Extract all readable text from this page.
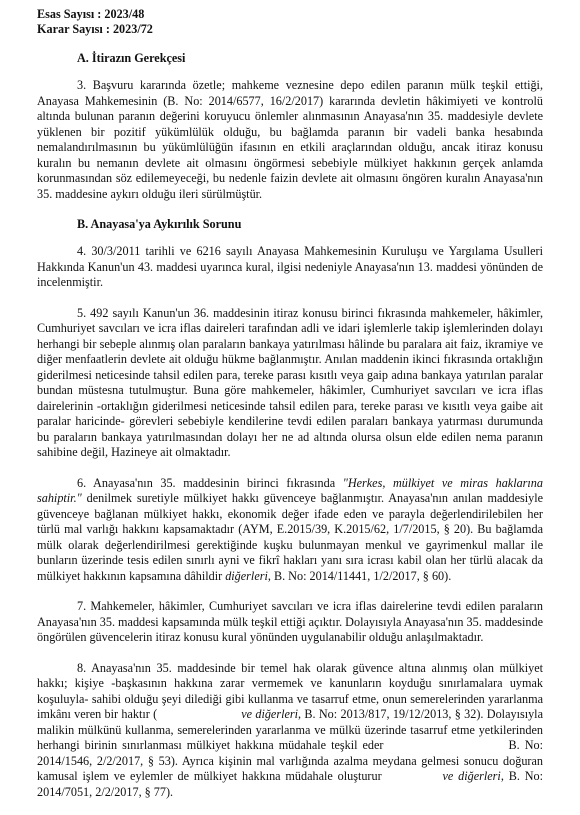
Esas Sayısı : 2023/48
Karar Sayısı : 2023/72
A. İtirazın Gerekçesi

3. Başvuru kararında özetle; mahkeme veznesine depo edilen paranın mülk teşkil ettiği, Anayasa Mahkemesinin (B. No: 2014/6577, 16/2/2017) kararında devletin hâkimiyeti ve kontrolü altında bulunan paranın değerini koruyucu önlemler alınmasının Anayasa'nın 35. maddesiyle devlete yüklenen bir pozitif yükümlülük olduğu, bu bağlamda paranın bir vadeli banka hesabında nemalandırılmasının bu yükümlülüğün ifasının en etkili araçlarından olduğu, ancak itiraz konusu kuralın bu nemanın devlete ait olmasını öngörmesi sebebiyle mülkiyet hakkının gerçek anlamda korunmasından söz edilemeyeceği, bu nedenle faizin devlete ait olmasını öngören kuralın Anayasa'nın 35. maddesine aykırı olduğu ileri sürülmüştür.

B. Anayasa'ya Aykırılık Sorunu

4. 30/3/2011 tarihli ve 6216 sayılı Anayasa Mahkemesinin Kuruluşu ve Yargılama Usulleri Hakkında Kanun'un 43. maddesi uyarınca kural, ilgisi nedeniyle Anayasa'nın 13. maddesi yönünden de incelenmiştir.

5. 492 sayılı Kanun'un 36. maddesinin itiraz konusu birinci fıkrasında mahkemeler, hâkimler, Cumhuriyet savcıları ve icra iflas daireleri tarafından adli ve idari işlemlerle takip işlemlerinden dolayı herhangi bir sebeple alınmış olan paraların bankaya yatırılması hâlinde bu paralara ait faiz, ikramiye ve diğer menfaatlerin devlete ait olduğu hükme bağlanmıştır. Anılan maddenin ikinci fıkrasında ortaklığın giderilmesi neticesinde tahsil edilen para, tereke parası kısıtlı veya gaip adına bankaya yatırılan paralar bundan müstesna tutulmuştur. Buna göre mahkemeler, hâkimler, Cumhuriyet savcıları ve icra iflas dairelerinin -ortaklığın giderilmesi neticesinde tahsil edilen para, tereke parası ve kısıtlı veya gaibe ait paralar haricinde- görevleri sebebiyle kendilerine tevdi edilen paraları bankaya yatırması durumunda bu paraların bankaya yatırılmasından dolayı her ne ad altında olursa olsun elde edilen nema paranın sahibine değil, Hazineye ait olmaktadır.

6. Anayasa'nın 35. maddesinin birinci fıkrasında "Herkes, mülkiyet ve miras haklarına sahiptir." denilmek suretiyle mülkiyet hakkı güvenceye bağlanmıştır. Anayasa'nın anılan maddesiyle güvenceye bağlanan mülkiyet hakkı, ekonomik değer ifade eden ve parayla değerlendirilebilen her türlü mal varlığı hakkını kapsamaktadır (AYM, E.2015/39, K.2015/62, 1/7/2015, § 20). Bu bağlamda mülk olarak değerlendirilmesi gerektiğinde kuşku bulunmayan menkul ve gayrimenkul mallar ile bunların üzerinde tesis edilen sınırlı ayni ve fikrî hakları yanı sıra icrası kabil olan her türlü alacak da mülkiyet hakkının kapsamına dâhildir diğerleri, B. No: 2014/11441, 1/2/2017, § 60).

7. Mahkemeler, hâkimler, Cumhuriyet savcıları ve icra iflas dairelerine tevdi edilen paraların Anayasa'nın 35. maddesi kapsamında mülk teşkil ettiği açıktır. Dolayısıyla Anayasa'nın 35. maddesinde öngörülen güvencelerin itiraz konusu kural yönünden uygulanabilir olduğu anlaşılmaktadır.

8. Anayasa'nın 35. maddesinde bir temel hak olarak güvence altına alınmış olan mülkiyet hakkı; kişiye -başkasının hakkına zarar vermemek ve kanunların koyduğu sınırlamalara uymak koşuluyla- sahibi olduğu şeyi dilediği gibi kullanma ve tasarruf etme, onun semerelerinden yararlanma imkânı veren bir haktır (	ve diğerleri, B. No: 2013/817, 19/12/2013, § 32). Dolayısıyla malikin mülkünü kullanma, semerelerinden yararlanma ve mülkü üzerinde tasarruf etme yetkilerinden herhangi birinin sınırlanması mülkiyet hakkına müdahale teşkil eder	B. No: 2014/1546, 2/2/2017, § 53). Ayrıca kişinin mal varlığında azalma meydana gelmesi sonucu doğuran kamusal işlem ve eylemler de mülkiyet hakkına müdahale oluşturur	ve diğerleri, B. No: 2014/7051, 2/2/2017, § 77).
